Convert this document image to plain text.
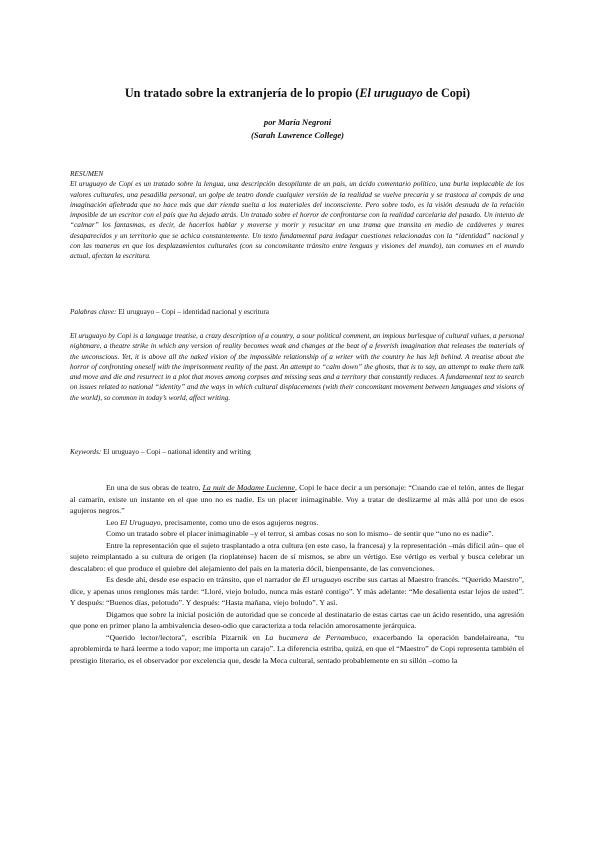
Un tratado sobre la extranjería de lo propio (El uruguayo de Copi)
por María Negroni
(Sarah Lawrence College)
RESUMEN
El uruguayo de Copi es un tratado sobre la lengua, una descripción desopilante de un país, un ácido comentario político, una burla implacable de los valores culturales, una pesadilla personal, un golpe de teatro donde cualquier versión de la realidad se vuelve precaria y se trastoca al compás de una imaginación afiebrada que no hace más que dar rienda suelta a los materiales del inconsciente. Pero sobre todo, es la visión desnuda de la relación imposible de un escritor con el país que ha dejado atrás. Un tratado sobre el horror de confrontarse con la realidad carcelaria del pasado. Un intento de “calmar” los fantasmas, es decir, de hacerlos hablar y moverse y morir y resucitar en una trama que transita en medio de cadáveres y mares desaparecidos y un territorio que se achica constantemente. Un texto fundamental para indagar cuestiones relacionadas con la “identidad” nacional y con las maneras en que los desplazamientos culturales (con su concomitante tránsito entre lenguas y visiones del mundo), tan comunes en el mundo actual, afectan la escritura.
Palabras clave: El uruguayo – Copi – identidad nacional y escritura
El uruguayo by Copi is a language treatise, a crazy description of a country, a sour political comment, an impious burlesque of cultural values, a personal nightmare, a theatre strike in which any version of reality becomes weak and changes at the beat of a feverish imagination that releases the materials of the unconscious. Yet, it is above all the naked vision of the impossible relationship of a writer with the country he has left behind. A treatise about the horror of confronting oneself with the imprisonment reality of the past. An attempt to “calm down” the ghosts, that is to say, an attempt to make them talk and move and die and resurrect in a plot that moves among corpses and missing seas and a territory that constantly reduces. A fundamental text to search on issues related to national “identity” and the ways in which cultural displacements (with their concomitant movement between languages and visions of the world), so common in today’s world, affect writing.
Keywords: El uruguayo – Copi – national identity and writing

En una de sus obras de teatro, La nuit de Madame Lucienne, Copi le hace decir a un personaje: “Cuando cae el telón, antes de llegar al camarín, existe un instante en el que uno no es nadie. Es un placer inimaginable. Voy a tratar de deslizarme al más allá por uno de esos agujeros negros.”

Leo El Uruguayo, precisamente, como uno de esos agujeros negros.

Como un tratado sobre el placer inimaginable –y el terror, si ambas cosas no son lo mismo– de sentir que “uno no es nadie”.

Entre la representación que el sujeto trasplantado a otra cultura (en este caso, la francesa) y la representación –más difícil aún– que el sujeto reimplantado a su cultura de origen (la rioplatense) hacen de sí mismos, se abre un vértigo. Ese vértigo es verbal y busca celebrar un descalabro: el que produce el quiebre del alejamiento del país en la materia dócil, bienpensante, de las convenciones.

Es desde ahí, desde ese espacio en tránsito, que el narrador de El uruguayo escribe sus cartas al Maestro francés. “Querido Maestro”, dice, y apenas unos renglones más tarde: “Lloré, viejo boludo, nunca más estaré contigo”. Y más adelante: “Me desalienta estar lejos de usted”. Y después: “Buenos días, pelotudo”. Y después: “Hasta mañana, viejo boludo”. Y así.

Digamos que sobre la inicial posición de autoridad que se concede al destinatario de estas cartas cae un ácido resentido, una agresión que pone en primer plano la ambivalencia deseo-odio que caracteriza a toda relación amorosamente jerárquica.

“Querido lector/lectora”, escribía Pizarnik en La bucanera de Pernambuco, exacerbando la operación bandelaireana, “tu aproblemirda te hará leerme a todo vapor; me importa un carajo”. La diferencia estriba, quizá, en que el “Maestro” de Copi representa también el prestigio literario, es el observador por excelencia que, desde la Meca cultural, sentado probablemente en su sillón –como la
